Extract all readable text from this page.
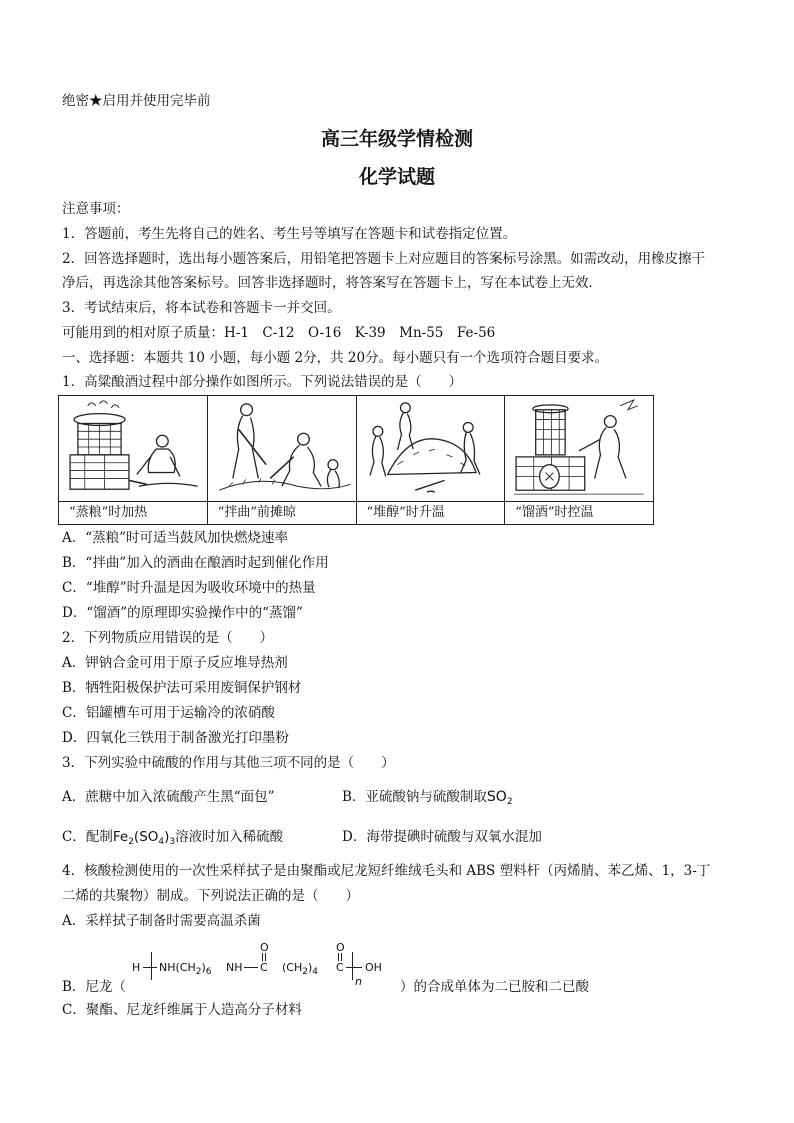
绝密★启用并使用完毕前
高三年级学情检测
化学试题
注意事项：
1．答题前，考生先将自己的姓名、考生号等填写在答题卡和试卷指定位置。
2．回答选择题时，选出每小题答案后，用铅笔把答题卡上对应题目的答案标号涂黑。如需改动，用橡皮擦干
净后，再选涂其他答案标号。回答非选择题时，将答案写在答题卡上，写在本试卷上无效．
3．考试结束后，将本试卷和答题卡一并交回。
可能用到的相对原子质量：H-1　C-12　O-16　K-39　Mn-55　Fe-56
一、选择题：本题共 10 小题，每小题 2分，共 20分。每小题只有一个选项符合题目要求。
1．高粱酿酒过程中部分操作如图所示。下列说法错误的是（　　）
“蒸粮”时加热	“拌曲”前摊晾	“堆醇”时升温	“馏酒”时控温
A．“蒸粮”时可适当鼓风加快燃烧速率
B．“拌曲”加入的酒曲在酿酒时起到催化作用
C．“堆醇”时升温是因为吸收环境中的热量
D．“馏酒”的原理即实验操作中的“蒸馏”
2．下列物质应用错误的是（　　）
A．钾钠合金可用于原子反应堆导热剂
B．牺牲阳极保护法可采用废铜保护钢材
C．铝罐槽车可用于运输冷的浓硝酸
D．四氧化三铁用于制备激光打印墨粉
3．下列实验中硫酸的作用与其他三项不同的是（　　）
A．蔗糖中加入浓硫酸产生黑“面包”	B．亚硫酸钠与硫酸制取$SO_2$
C．配制$Fe_2(SO_4)_3$溶液时加入稀硫酸	D．海带提碘时硫酸与双氧水混加
4．核酸检测使用的一次性采样拭子是由聚酯或尼龙短纤维绒毛头和 ABS 塑料杆（丙烯腈、苯乙烯、1，3-丁
二烯的共聚物）制成。下列说法正确的是（　　）
A．采样拭子制备时需要高温杀菌
B．尼龙（
H $NH(CH_2)_6$ NH C
O
$(CH_2)_4$ C
O
n
OH
）的合成单体为二已胺和二已酸
C．聚酯、尼龙纤维属于人造高分子材料
